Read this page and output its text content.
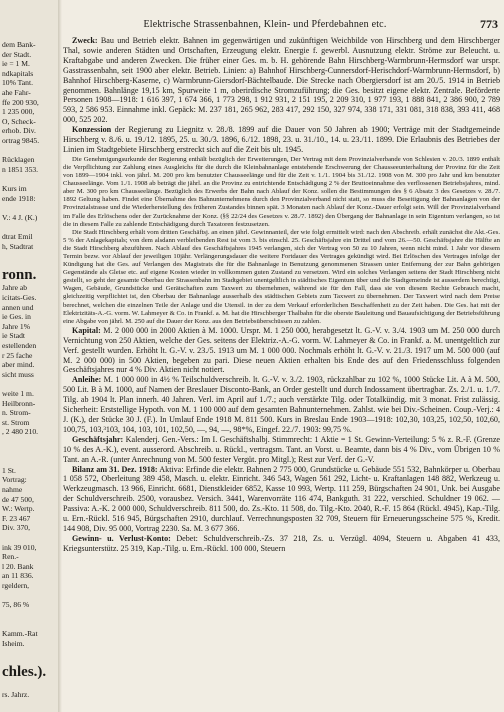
dem Bank-
der Stadt.
ie = 1 M.
ndkapitals
10% Tant.
ahe Fahr-
ffe 200 930,
1 235 000,
O, Scheck-
erhob. Div.
ortrag 9845.
Rücklagen
n 1851 353.
Kurs im
ende 1918:
V.: 4 J. (K.)
dtrat Emil
h, Stadtrat
ronn.
Jahre ab
icitats-Ges.
annen und
ie Ges. in
Jahre 1%
ie Stadt
estellenden
r 25 fache
aber mind.
sicht muss
weite 1 m.
Heilbronn-
n. Strom-
st. Strom
, 2 480 210.
1 St.
Vortrag:
nahme
de 47 500,
W.: Wertp.
F. 23 467
Div. 370,
ink 39 010,
Ren.-
l 20. Bank
an 11 836.
rgeldern,
75, 86 %
Kamm.-Rat
Isheim.
chles.).
rs. Jahrz.
Elektrische Strassenbahnen, Klein- und Pferdebahnen etc.	773

Zweck: Bau und Betrieb elektr. Bahnen im gegenwärtigen und zukünftigen Weichbilde von Hirschberg und dem Hirschberger Thal, sowie anderen Städten und Ortschaften, Erzeugung elektr. Energie f. gewerbl. Ausnutzung elektr. Ströme zur Beleucht. u. Kraftabgabe und anderen Zwecken. Die früher einer Ges. m. b. H. gehörende Bahn Hirschberg-Warmbrunn-Hermsdorf war urspr. Gasstrassenbahn, seit 1900 aber elektr. Betrieb. Linien: a) Bahnhof Hirschberg-Cunnersdorf-Herischdorf-Warmbrunn-Hermsdorf, b) Bahnhof Hirschberg-Kaserne, c) Warmbrunn-Giersdorf-Bächtelbaude. Die Strecke nach Obergiersdorf ist am 20./5. 1914 in Betrieb genommen. Bahnlänge 19,15 km, Spurweite 1 m, oberirdische Stromzuführung; die Ges. besitzt eigene elektr. Zentrale. Beförderte Personen 1908—1918: 1 616 397, 1 674 366, 1 773 298, 1 912 931, 2 151 195, 2 209 310, 1 977 193, 1 888 841, 2 386 900, 2 789 593, 2 586 953. Einnahme inkl. Gepäck: M. 237 181, 265 962, 283 417, 292 150, 327 974, 338 171, 331 081, 318 838, 393 411, 468 000, 525 202.

Konzession der Regierung zu Liegnitz v. 28./8. 1899 auf die Dauer von 50 Jahren ab 1900; Verträge mit der Stadtgemeinde Hirschberg v. 8./6. u. 19./12. 1895, 25. u. 30./3. 1896, 6./12. 1898, 23. u. 31./10., 14. u. 23./11. 1899. Die Erlaubnis des Betriebes der Linien im Stadtgebiete Hirschberg erstreckt sich auf die Zeit bis ult. 1945.

Die Genehmigungsurkunde der Regierung enthält bezüglich der Erweiterungen, Der Vertrag mit dem Provinzialverbande von Schlesien v. 20./3. 1899 enthält die Verpflichtung zur Zahlung eines Ausgleichs für die durch die Kleinbahnanlage entstehende Erschwerung der Chausseeunterhaltung der Provinz für die Zeit von 1899—1904 inkl. von jährl. M. 200 pro km benutzter Chausseelänge und für die Zeit v. 1./1. 1904 bis 31./12. 1908 von M. 300 pro Jahr und km benutzter Chausseelänge. Vom 1./1. 1908 ab beträgt die jährl. an die Provinz zu entrichtende Entschädigung 2 % der Bruttoeinnahme des verflossenen Betriebsjahres, mind. aber M. 300 pro km Chausseelänge. Bezüglich des Erwerbs der Bahn nach Ablauf der Konz. sollen die Bestimmungen des § 6 Absatz 3 des Gesetzes v. 28./7. 1892 Geltung haben. Findet eine Übernahme des Bahnunternehmens durch den Provinzialverband nicht statt, so muss die Beseitigung der Bahnanlagen von der Provinzialstrasse und die Wiederherstellung des früheren Zustandes binnen spät. 3 Monaten nach Ablauf der Konz.-Dauer erfolgt sein. Will der Provinzialverband im Falle des Erlöschens oder der Zurücknahme der Konz. (§§ 22/24 des Gesetzes v. 28./7. 1892) den Übergang der Bahnanlage in sein Eigentum verlangen, so ist die in diesem Falle zu zahlende Entschädigung durch Taxatoren festzusetzen.

Die Stadt Hirschberg erhält vom dritten Geschäftsj. an einen jährl. Gewinnanteil, der wie folgt ermittelt wird: nach den Abschreib. erhält zunächst die Akt.-Ges. 5 % der Anlagekapitals; von dem alsdann verbleibenden Rest ist vom 3. bis einschl. 25. Geschäftsjahre ein Drittel und vom 26.—50. Geschäftsjahre die Hälfte an die Stadt Hirschberg abzuführen. Nach Ablauf des Geschäftsjahres 1945 verlangen, sich der Vertrag von 50 zu 10 Jahren, wenn nicht mind. 1 Jahr vor diesem Termin bezw. vor Ablauf der jeweiligen 10jähr. Verlängerungsdauer die weitere Fortdauer des Vertrages gekündigt wird. Bei Erlöschen des Vertrages infolge der Kündigung hat die Ges. auf Verlangen des Magistrats die für die Bahnanlage in Benutzung genommenen Strassen unter Entfernung der zur Bahn gehörigen Gegenstände als Gleise etc. auf eigene Kosten wieder in vollkommen guten Zustand zu versetzen. Wird ein solches Verlangen seitens der Stadt Hirschberg nicht gestellt, so geht der gesamte Oberbau der Strassenbahn im Stadtgebiet unentgeltlich in städtisches Eigentum über und die Stadtgemeinde ist ausserdem berechtigt, Wagen, Gebäude, Grundstücke und Gerätschaften zum Taxwert zu übernehmen, während sie für den Fall, dass sie von diesem Rechte Gebrauch macht, gleichzeitig verpflichtet ist, den Oberbau der Bahnanlage ausserhalb des städtischen Gebiets zum Taxwert zu übernehmen. Der Taxwert wird nach dem Preise berechnet, welchen die einzelnen Teile der Anlage und die Utensil. in der zu dem Verkauf erforderlichen Beschaffenheit zu der Zeit haben. Die Ges. hat mit der Elektrizitäts-A.-G. vorm. W. Lahmeyer & Co. in Frankf. a. M. hat die Hirschberger Thalbahn für die oberste Bauleitung und Bauaufsichtigung der Betriebsführung eine Abgabe von jährl. M. 250 auf die Dauer der Konz. aus den Betriebsüberschüssen zu zahlen.

Kapital: M. 2 000 000 in 2000 Aktien à M. 1000. Urspr. M. 1 250 000, herabgesetzt lt. G.-V. v. 3./4. 1903 um M. 250 000 durch Vernichtung von 250 Aktien, welche der Ges. seitens der Elektriz.-A.-G. vorm. W. Lahmeyer & Co. in Frankf. a. M. unentgeltlich zur Verf. gestellt wurden. Erhöht lt. G.-V. v. 23./5. 1913 um M. 1 000 000. Nochmals erhöht lt. G.-V. v. 21./3. 1917 um M. 500 000 (auf M. 2 000 000) in 500 Aktien, begeben zu pari. Diese neuen Aktien erhalten bis Ende des auf den Friedensschluss folgenden Geschäftsjahres nur 4 % Div. Aktien nicht notiert.

Anleihe: M. 1 000 000 in 4½ % Teilschuldverschreib. lt. G.-V. v. 3./2. 1903, rückzahlbar zu 102 %, 1000 Stücke Lit. A à M. 500, 500 Lit. B à M. 1000, auf Namen der Breslauer Disconto-Bank, an Order gestellt und durch Indossament übertragbar. Zs. 2./1. u. 1./7. Tilg. ab 1904 lt. Plan innerh. 40 Jahren. Verl. im April auf 1./7.; auch verstärkte Tilg. oder Totalkündig. mit 3 monat. Frist zulässig. Sicherheit: Erststellige Hypoth. von M. 1 100 000 auf dem gesamten Bahnunternehmen. Zahlst. wie bei Div.-Scheinen. Coup.-Verj.: 4 J. (K.), der Stücke 30 J. (F.). In Umlauf Ende 1918 M. 811 500. Kurs in Breslau Ende 1903—1918: 102,30, 103,25, 102,50, 102,60, 100,75, 103,³103, 104, 103, 101, 102,50, —, 94, —, 98*%, Eingef. 22./7. 1903: 99,75 %.

Geschäftsjahr: Kalenderj. Gen.-Vers.: Im I. Geschäftshalbj. Stimmrecht: 1 Aktie = 1 St. Gewinn-Verteilung: 5 % z. R.-F. (Grenze 10 % des A.-K.), event. ausserord. Abschreib. u. Rückl., vertragsm. Tant. an Vorst. u. Beamte, dann bis 4 % Div., vom Übrigen 10 % Tant. an A.-R. (unter Anrechnung von M. 500 fester Vergüt. pro Mitgl.); Rest zur Verf. der G.-V.

Bilanz am 31. Dez. 1918: Aktiva: Erfinde die elektr. Bahnen 2 775 000, Grundstücke u. Gebäude 551 532, Bahnkörper u. Oberbau 1 058 572, Oberleitung 389 458, Masch. u. elektr. Einricht. 346 543, Wagen 561 292, Licht- u. Kraftanlagen 148 882, Werkzeug u. Werkzeugmasch. 13 966, Einricht. 6681, Dienstkleider 6852, Kasse 10 993, Wertp. 111 259, Bürgschaften 24 901, Unk. bei Ausgabe der Schuldverschreib. 2500, vorausbez. Versich. 3441, Warenvorräte 116 474, Bankguth. 31 222, verschied. Schuldner 19 062. — Passiva: A.-K. 2 000 000, Schuldverschreib. 811 500, do. Zs.-Kto. 11 508, do. Tilg.-Kto. 2040, R.-F. 15 864 (Rückl. 4945), Kap.-Tilg. u. Ern.-Rückl. 516 945, Bürgschaften 2910, durchlauf. Verrechnungsposten 32 709, Steuern für Erneuerungsscheine 575 %, Kredit. 144 908, Div. 95 000, Vortrag 2230. Sa. M. 3 677 366.

Gewinn- u. Verlust-Konto: Debet: Schuldverschreib.-Zs. 37 218, Zs. u. Verzügl. 4094, Steuern u. Abgaben 41 433, Kriegsunterstütz. 25 319, Kap.-Tilg. u. Ern.-Rückl. 100 000, Steuern
